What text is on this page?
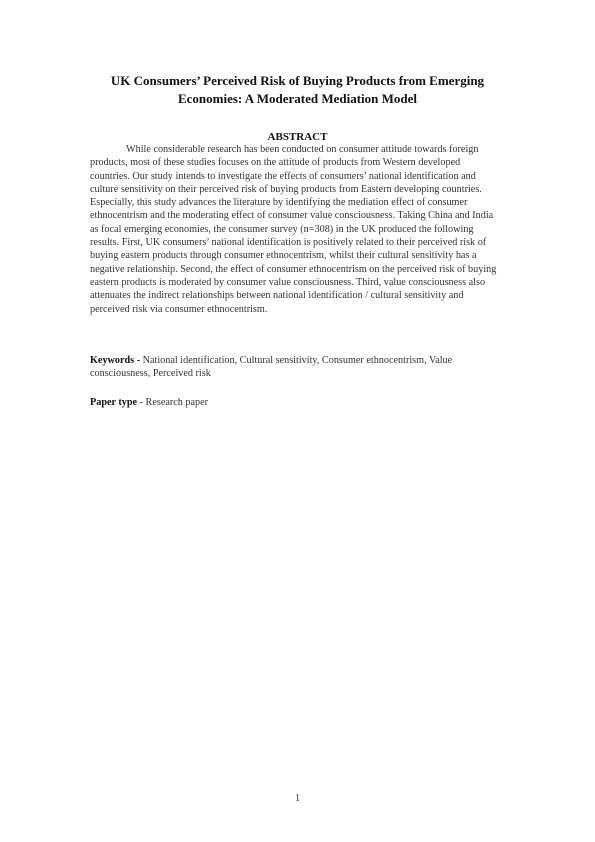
UK Consumers’ Perceived Risk of Buying Products from Emerging Economies: A Moderated Mediation Model
ABSTRACT
While considerable research has been conducted on consumer attitude towards foreign products, most of these studies focuses on the attitude of products from Western developed countries. Our study intends to investigate the effects of consumers’ national identification and culture sensitivity on their perceived risk of buying products from Eastern developing countries. Especially, this study advances the literature by identifying the mediation effect of consumer ethnocentrism and the moderating effect of consumer value consciousness. Taking China and India as focal emerging economies, the consumer survey (n=308) in the UK produced the following results. First, UK consumers’ national identification is positively related to their perceived risk of buying eastern products through consumer ethnocentrism, whilst their cultural sensitivity has a negative relationship. Second, the effect of consumer ethnocentrism on the perceived risk of buying eastern products is moderated by consumer value consciousness. Third, value consciousness also attenuates the indirect relationships between national identification / cultural sensitivity and perceived risk via consumer ethnocentrism.
Keywords - National identification, Cultural sensitivity, Consumer ethnocentrism, Value consciousness, Perceived risk
Paper type - Research paper
1
